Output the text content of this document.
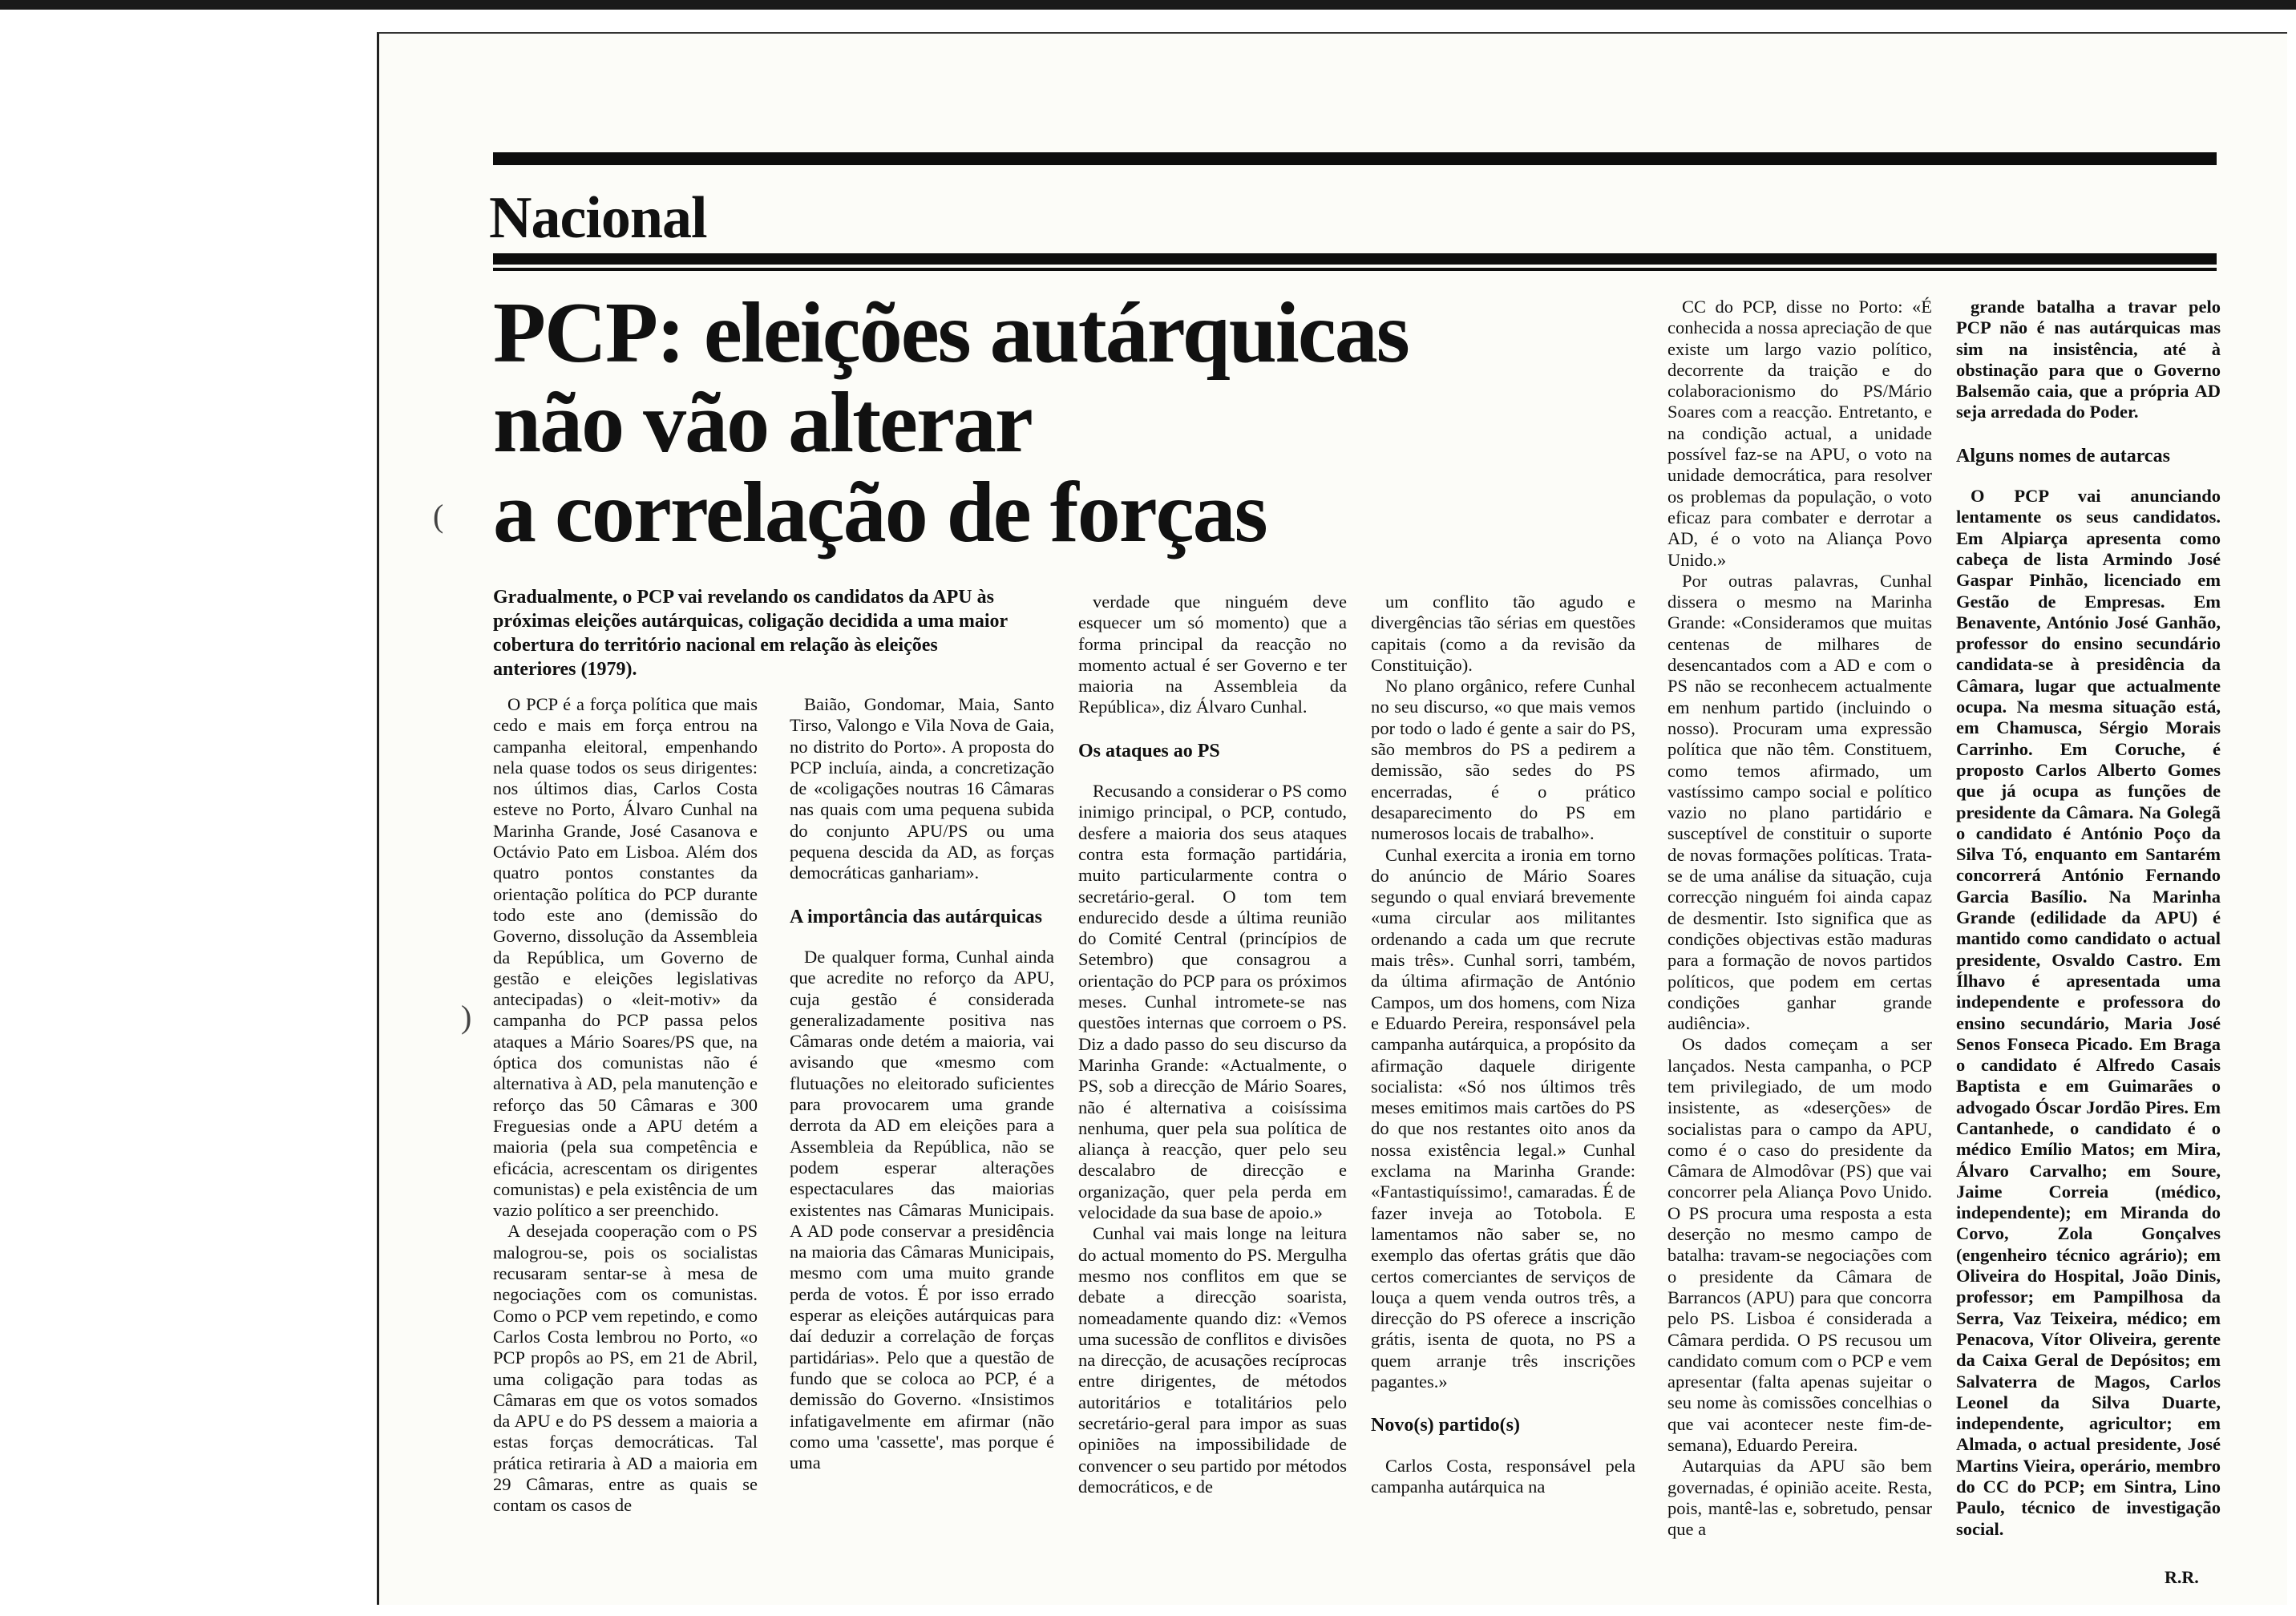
Nacional
PCP: eleições autárquicas
não vão alterar
a correlação de forças
Gradualmente, o PCP vai revelando os candidatos da APU às próximas eleições autárquicas, coligação decidida a uma maior cobertura do território nacional em relação às eleições anteriores (1979).

O PCP é a força política que mais cedo e mais em força entrou na campanha eleitoral, empenhando nela quase todos os seus dirigentes: nos últimos dias, Carlos Costa esteve no Porto, Álvaro Cunhal na Marinha Grande, José Casanova e Octávio Pato em Lisboa. Além dos quatro pontos constantes da orientação política do PCP durante todo este ano (demissão do Governo, dissolução da Assembleia da República, um Governo de gestão e eleições legislativas antecipadas) o «leit-motiv» da campanha do PCP passa pelos ataques a Mário Soares/PS que, na óptica dos comunistas não é alternativa à AD, pela manutenção e reforço das 50 Câmaras e 300 Freguesias onde a APU detém a maioria (pela sua competência e eficácia, acrescentam os dirigentes comunistas) e pela existência de um vazio político a ser preenchido.

A desejada cooperação com o PS malogrou-se, pois os socialistas recusaram sentar-se à mesa de negociações com os comunistas. Como o PCP vem repetindo, e como Carlos Costa lembrou no Porto, «o PCP propôs ao PS, em 21 de Abril, uma coligação para todas as Câmaras em que os votos somados da APU e do PS dessem a maioria a estas forças democráticas. Tal prática retiraria à AD a maioria em 29 Câmaras, entre as quais se contam os casos de

Baião, Gondomar, Maia, Santo Tirso, Valongo e Vila Nova de Gaia, no distrito do Porto». A proposta do PCP incluía, ainda, a concretização de «coligações noutras 16 Câmaras nas quais com uma pequena subida do conjunto APU/PS ou uma pequena descida da AD, as forças democráticas ganhariam».

A importância das autárquicas

De qualquer forma, Cunhal ainda que acredite no reforço da APU, cuja gestão é considerada generalizadamente positiva nas Câmaras onde detém a maioria, vai avisando que «mesmo com flutuações no eleitorado suficientes para provocarem uma grande derrota da AD em eleições para a Assembleia da República, não se podem esperar alterações espectaculares das maiorias existentes nas Câmaras Municipais. A AD pode conservar a presidência na maioria das Câmaras Municipais, mesmo com uma muito grande perda de votos. É por isso errado esperar as eleições autárquicas para daí deduzir a correlação de forças partidárias». Pelo que a questão de fundo que se coloca ao PCP, é a demissão do Governo. «Insistimos infatigavelmente em afirmar (não como uma 'cassette', mas porque é uma

verdade que ninguém deve esquecer um só momento) que a forma principal da reacção no momento actual é ser Governo e ter maioria na Assembleia da República», diz Álvaro Cunhal.

Os ataques ao PS

Recusando a considerar o PS como inimigo principal, o PCP, contudo, desfere a maioria dos seus ataques contra esta formação partidária, muito particularmente contra o secretário-geral. O tom tem endurecido desde a última reunião do Comité Central (princípios de Setembro) que consagrou a orientação do PCP para os próximos meses. Cunhal intromete-se nas questões internas que corroem o PS. Diz a dado passo do seu discurso da Marinha Grande: «Actualmente, o PS, sob a direcção de Mário Soares, não é alternativa a coisíssima nenhuma, quer pela sua política de aliança à reacção, quer pelo seu descalabro de direcção e organização, quer pela perda em velocidade da sua base de apoio.»

Cunhal vai mais longe na leitura do actual momento do PS. Mergulha mesmo nos conflitos em que se debate a direcção soarista, nomeadamente quando diz: «Vemos uma sucessão de conflitos e divisões na direcção, de acusações recíprocas entre dirigentes, de métodos autoritários e totalitários pelo secretário-geral para impor as suas opiniões na impossibilidade de convencer o seu partido por métodos democráticos, e de

um conflito tão agudo e divergências tão sérias em questões capitais (como a da revisão da Constituição).

No plano orgânico, refere Cunhal no seu discurso, «o que mais vemos por todo o lado é gente a sair do PS, são membros do PS a pedirem a demissão, são sedes do PS encerradas, é o prático desaparecimento do PS em numerosos locais de trabalho».

Cunhal exercita a ironia em torno do anúncio de Mário Soares segundo o qual enviará brevemente «uma circular aos militantes ordenando a cada um que recrute mais três». Cunhal sorri, também, da última afirmação de António Campos, um dos homens, com Niza e Eduardo Pereira, responsável pela campanha autárquica, a propósito da afirmação daquele dirigente socialista: «Só nos últimos três meses emitimos mais cartões do PS do que nos restantes oito anos da nossa existência legal.» Cunhal exclama na Marinha Grande: «Fantastiquíssimo!, camaradas. É de fazer inveja ao Totobola. E lamentamos não saber se, no exemplo das ofertas grátis que dão certos comerciantes de serviços de louça a quem venda outros três, a direcção do PS oferece a inscrição grátis, isenta de quota, no PS a quem arranje três inscrições pagantes.»

Novo(s) partido(s)

Carlos Costa, responsável pela campanha autárquica na

CC do PCP, disse no Porto: «É conhecida a nossa apreciação de que existe um largo vazio político, decorrente da traição e do colaboracionismo do PS/Mário Soares com a reacção. Entretanto, e na condição actual, a unidade possível faz-se na APU, o voto na unidade democrática, para resolver os problemas da população, o voto eficaz para combater e derrotar a AD, é o voto na Aliança Povo Unido.»

Por outras palavras, Cunhal dissera o mesmo na Marinha Grande: «Consideramos que muitas centenas de milhares de desencantados com a AD e com o PS não se reconhecem actualmente em nenhum partido (incluindo o nosso). Procuram uma expressão política que não têm. Constituem, como temos afirmado, um vastíssimo campo social e político vazio no plano partidário e susceptível de constituir o suporte de novas formações políticas. Trata-se de uma análise da situação, cuja correcção ninguém foi ainda capaz de desmentir. Isto significa que as condições objectivas estão maduras para a formação de novos partidos políticos, que podem em certas condições ganhar grande audiência».

Os dados começam a ser lançados. Nesta campanha, o PCP tem privilegiado, de um modo insistente, as «deserções» de socialistas para o campo da APU, como é o caso do presidente da Câmara de Almodôvar (PS) que vai concorrer pela Aliança Povo Unido. O PS procura uma resposta a esta deserção no mesmo campo de batalha: travam-se negociações com o presidente da Câmara de Barrancos (APU) para que concorra pelo PS. Lisboa é considerada a Câmara perdida. O PS recusou um candidato comum com o PCP e vem apresentar (falta apenas sujeitar o seu nome às comissões concelhias o que vai acontecer neste fim-de-semana), Eduardo Pereira.

Autarquias da APU são bem governadas, é opinião aceite. Resta, pois, mantê-las e, sobretudo, pensar que a

grande batalha a travar pelo PCP não é nas autárquicas mas sim na insistência, até à obstinação para que o Governo Balsemão caia, que a própria AD seja arredada do Poder.

Alguns nomes de autarcas

O PCP vai anunciando lentamente os seus candidatos. Em Alpiarça apresenta como cabeça de lista Armindo José Gaspar Pinhão, licenciado em Gestão de Empresas. Em Benavente, António José Ganhão, professor do ensino secundário candidata-se à presidência da Câmara, lugar que actualmente ocupa. Na mesma situação está, em Chamusca, Sérgio Morais Carrinho. Em Coruche, é proposto Carlos Alberto Gomes que já ocupa as funções de presidente da Câmara. Na Golegã o candidato é António Poço da Silva Tó, enquanto em Santarém concorrerá António Fernando Garcia Basílio. Na Marinha Grande (edilidade da APU) é mantido como candidato o actual presidente, Osvaldo Castro. Em Ílhavo é apresentada uma independente e professora do ensino secundário, Maria José Senos Fonseca Picado. Em Braga o candidato é Alfredo Casais Baptista e em Guimarães o advogado Óscar Jordão Pires. Em Cantanhede, o candidato é o médico Emílio Matos; em Mira, Álvaro Carvalho; em Soure, Jaime Correia (médico, independente); em Miranda do Corvo, Zola Gonçalves (engenheiro técnico agrário); em Oliveira do Hospital, João Dinis, professor; em Pampilhosa da Serra, Vaz Teixeira, médico; em Penacova, Vítor Oliveira, gerente da Caixa Geral de Depósitos; em Salvaterra de Magos, Carlos Leonel da Silva Duarte, independente, agricultor; em Almada, o actual presidente, José Martins Vieira, operário, membro do CC do PCP; em Sintra, Lino Paulo, técnico de investigação social.

R.R.
(
)
